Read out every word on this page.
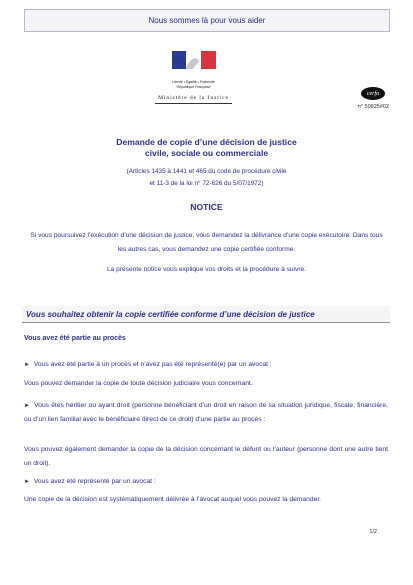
Nous sommes là pour vous aider
Liberté • Égalité • Fraternité
République Française
Ministère de la Justice
cerfa
n° 50825#02
Demande de copie d’une décision de justice
civile, sociale ou commerciale
(Articles 1435 à 1441 et 465 du code de procédure civile
et 11-3 de la loi n° 72-626 du 5/07/1972)
NOTICE
Si vous poursuivez l’exécution d’une décision de justice, vous demandez la délivrance d’une copie exécutoire. Dans tous les autres cas, vous demandez une copie certifiée conforme.
La présente notice vous explique vos droits et la procédure à suivre.
Vous souhaitez obtenir la copie certifiée conforme d’une décision de justice
Vous avez été partie au procès
► Vous avez été partie à un procès et n’avez pas été représenté(e) par un avocat :
Vous pouvez demander la copie de toute décision judiciaire vous concernant.
► Vous êtes héritier ou ayant droit (personne bénéficiant d’un droit en raison de sa situation juridique, fiscale, financière, ou d’un lien familial avec le bénéficiaire direct de ce droit) d’une partie au procès :
Vous pouvez également demander la copie de la décision concernant le défunt ou l’auteur (personne dont une autre tient un droit).
► Vous avez été représenté par un avocat :
Une copie de la décision est systématiquement délivrée à l’avocat auquel vous pouvez la demander.
1/2
